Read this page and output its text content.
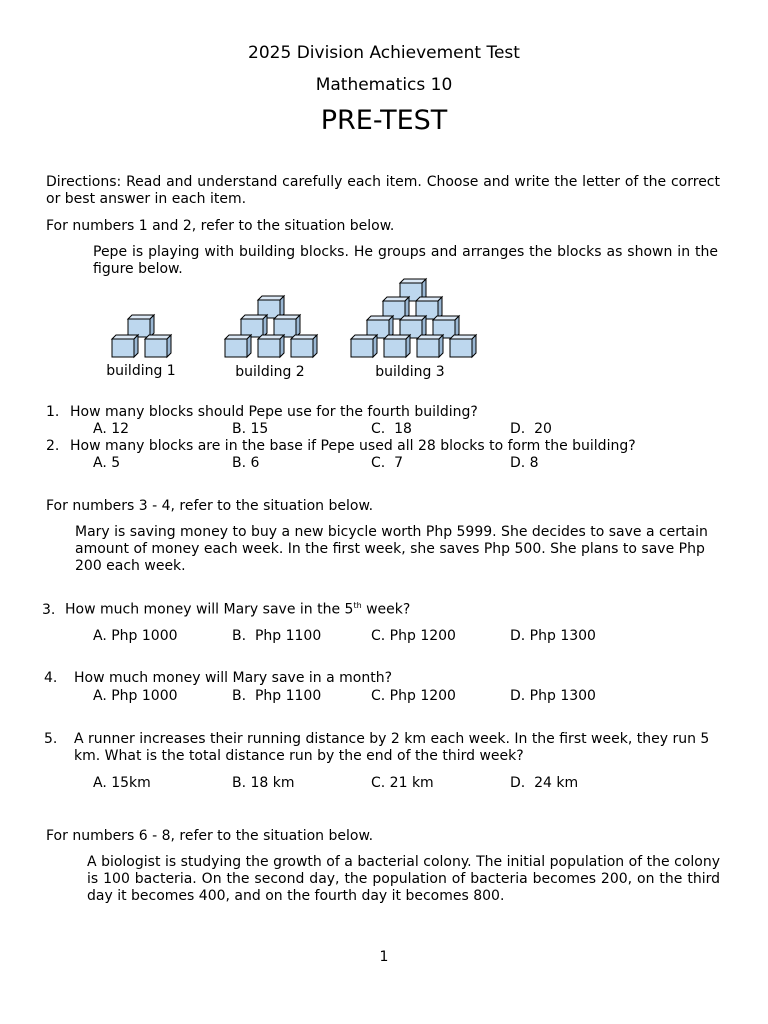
2025 Division Achievement Test
Mathematics 10
PRE-TEST
Directions: Read and understand carefully each item. Choose and write the letter of the correct or best answer in each item.
For numbers 1 and 2, refer to the situation below.
Pepe is playing with building blocks. He groups and arranges the blocks as shown in the figure below.
building 1	building 2	building 3
1. How many blocks should Pepe use for the fourth building?
A. 12	B. 15	C.  18	D.  20
2. How many blocks are in the base if Pepe used all 28 blocks to form the building?
A. 5	B. 6	C.  7	D. 8
For numbers 3 - 4, refer to the situation below.
Mary is saving money to buy a new bicycle worth Php 5999. She decides to save a certain amount of money each week. In the first week, she saves Php 500. She plans to save Php 200 each week.
3. How much money will Mary save in the 5th week?
A. Php 1000	B.  Php 1100	C. Php 1200	D. Php 1300
4. How much money will Mary save in a month?
A. Php 1000	B.  Php 1100	C. Php 1200	D. Php 1300
5. A runner increases their running distance by 2 km each week. In the first week, they run 5 km. What is the total distance run by the end of the third week?
A. 15km	B. 18 km	C. 21 km	D.  24 km
For numbers 6 - 8, refer to the situation below.
A biologist is studying the growth of a bacterial colony. The initial population of the colony is 100 bacteria. On the second day, the population of bacteria becomes 200, on the third day it becomes 400, and on the fourth day it becomes 800.
1
